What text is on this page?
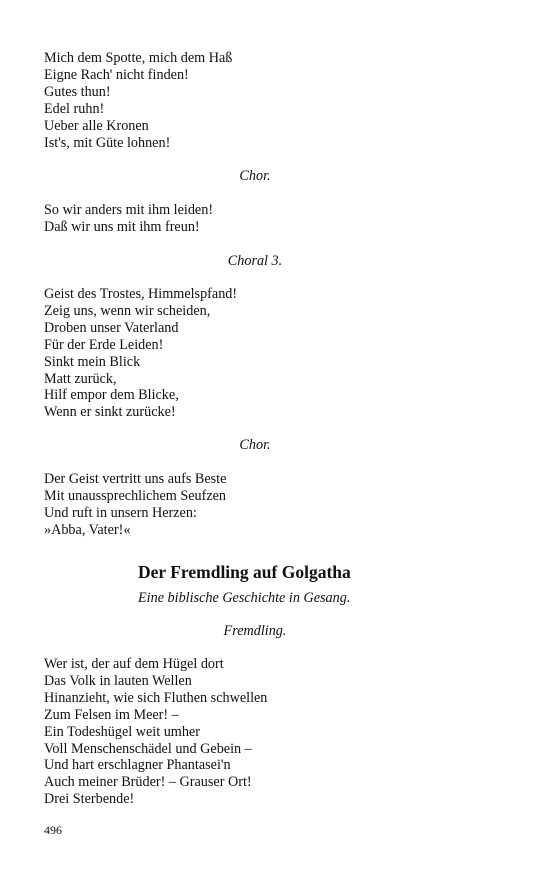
Mich dem Spotte, mich dem Haß
Eigne Rach' nicht finden!
Gutes thun!
Edel ruhn!
Ueber alle Kronen
Ist's, mit Güte lohnen!
Chor.
So wir anders mit ihm leiden!
Daß wir uns mit ihm freun!
Choral 3.
Geist des Trostes, Himmelspfand!
Zeig uns, wenn wir scheiden,
Droben unser Vaterland
Für der Erde Leiden!
Sinkt mein Blick
Matt zurück,
Hilf empor dem Blicke,
Wenn er sinkt zurücke!
Chor.
Der Geist vertritt uns aufs Beste
Mit unaussprechlichem Seufzen
Und ruft in unsern Herzen:
»Abba, Vater!«
Der Fremdling auf Golgatha
Eine biblische Geschichte in Gesang.
Fremdling.
Wer ist, der auf dem Hügel dort
Das Volk in lauten Wellen
Hinanzieht, wie sich Fluthen schwellen
Zum Felsen im Meer! –
Ein Todeshügel weit umher
Voll Menschenschädel und Gebein –
Und hart erschlagner Phantasei'n
Auch meiner Brüder! – Grauser Ort!
Drei Sterbende!
496
